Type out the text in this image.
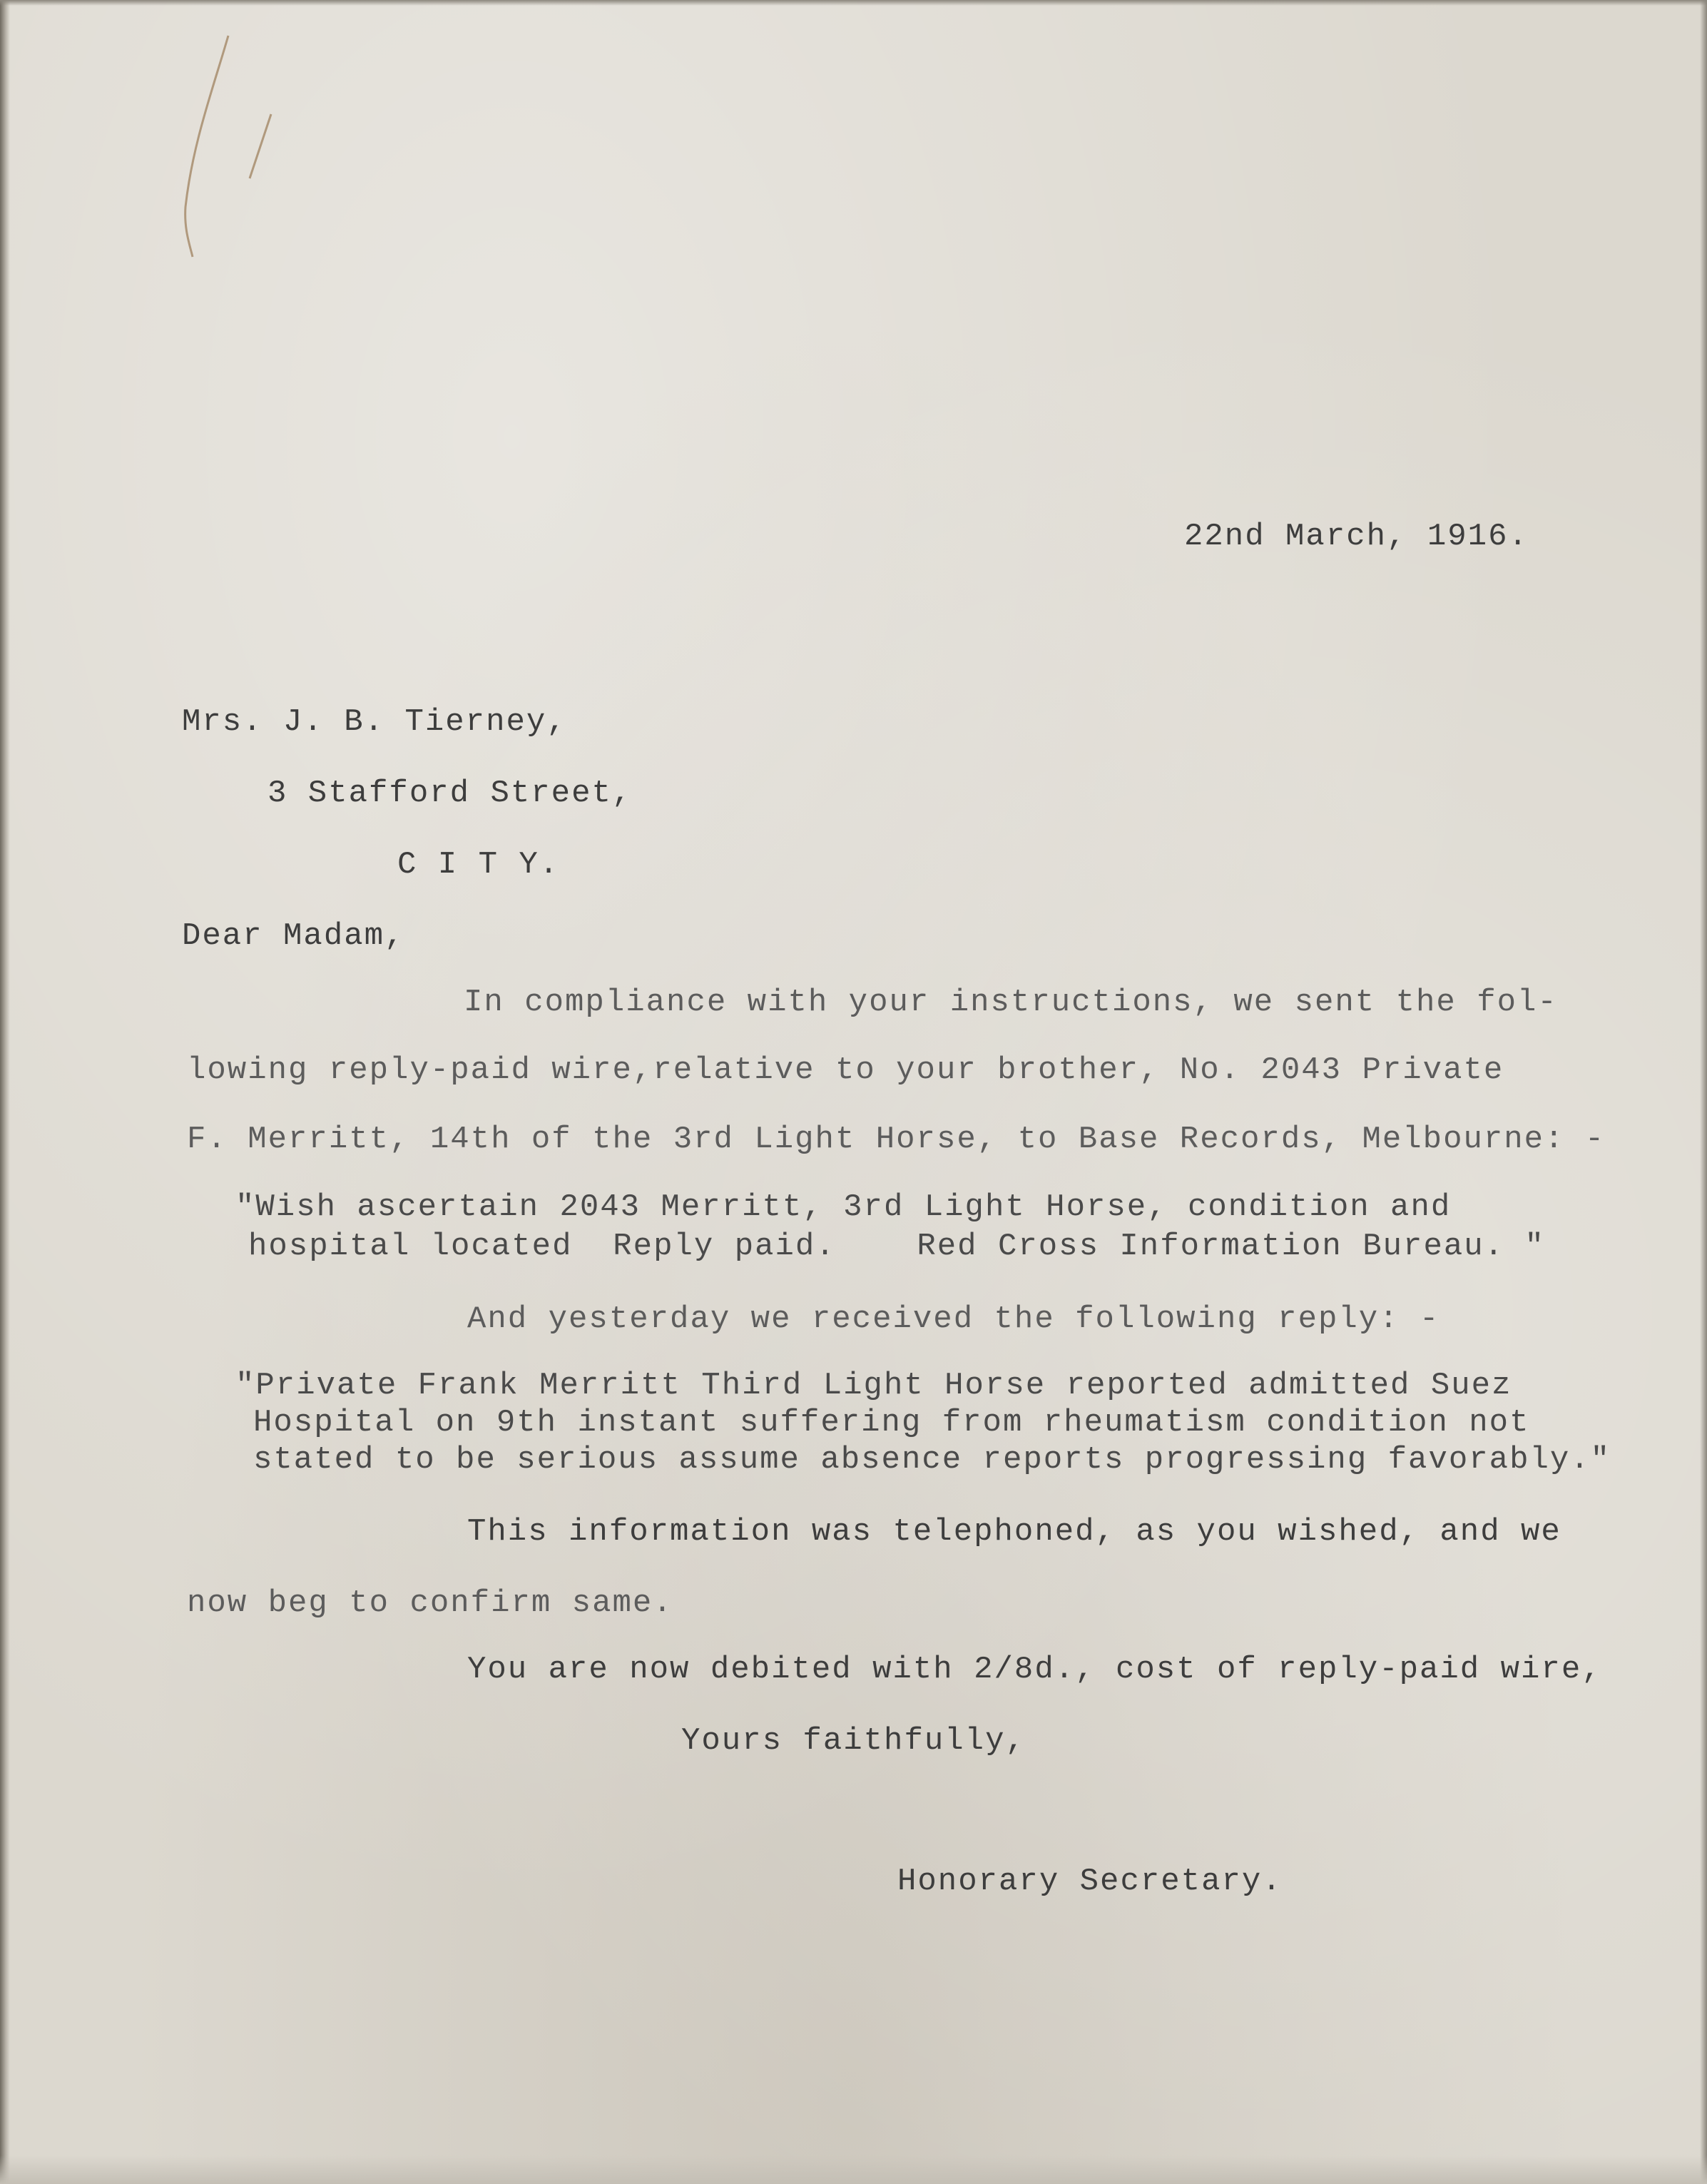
22nd March, 1916.
Mrs. J. B. Tierney,
3 Stafford Street,
C I T Y.
Dear Madam,
In compliance with your instructions, we sent the fol-
lowing reply-paid wire,relative to your brother, No. 2043 Private
F. Merritt, 14th of the 3rd Light Horse, to Base Records, Melbourne: -
"Wish ascertain 2043 Merritt, 3rd Light Horse, condition and
hospital located  Reply paid.    Red Cross Information Bureau. "
And yesterday we received the following reply: -
"Private Frank Merritt Third Light Horse reported admitted Suez
Hospital on 9th instant suffering from rheumatism condition not
stated to be serious assume absence reports progressing favorably."
This information was telephoned, as you wished, and we
now beg to confirm same.
You are now debited with 2/8d., cost of reply-paid wire,
Yours faithfully,
Honorary Secretary.
